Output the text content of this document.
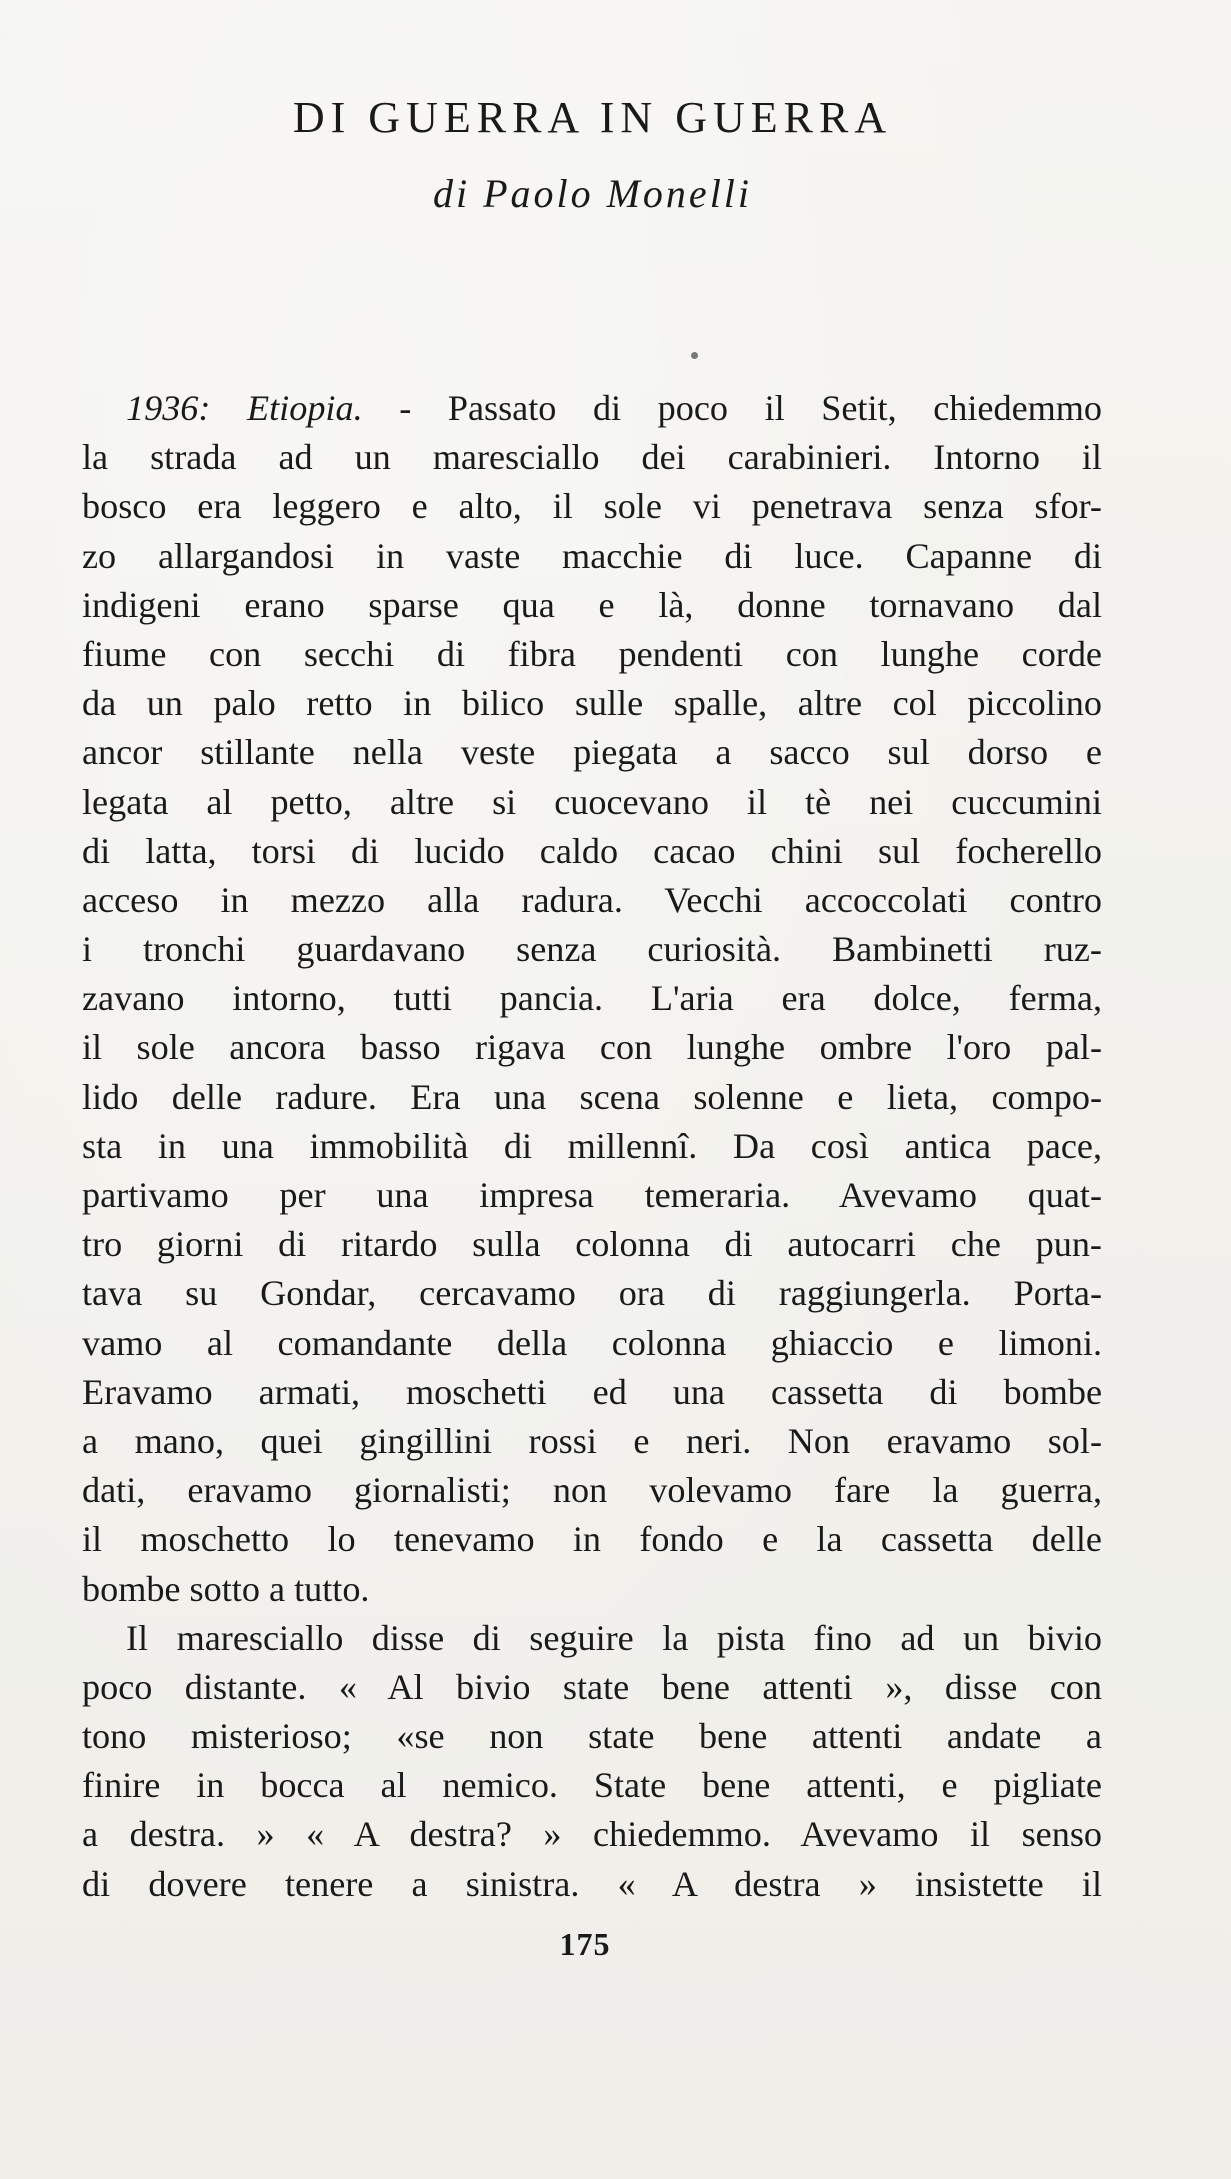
DI GUERRA IN GUERRA
di Paolo Monelli
1936: Etiopia. - Passato di poco il Setit, chiedemmo
la strada ad un maresciallo dei carabinieri. Intorno il
bosco era leggero e alto, il sole vi penetrava senza sfor-
zo allargandosi in vaste macchie di luce. Capanne di
indigeni erano sparse qua e là, donne tornavano dal
fiume con secchi di fibra pendenti con lunghe corde
da un palo retto in bilico sulle spalle, altre col piccolino
ancor stillante nella veste piegata a sacco sul dorso e
legata al petto, altre si cuocevano il tè nei cuccumini
di latta, torsi di lucido caldo cacao chini sul focherello
acceso in mezzo alla radura. Vecchi accoccolati contro
i tronchi guardavano senza curiosità. Bambinetti ruz-
zavano intorno, tutti pancia. L'aria era dolce, ferma,
il sole ancora basso rigava con lunghe ombre l'oro pal-
lido delle radure. Era una scena solenne e lieta, compo-
sta in una immobilità di millennî. Da così antica pace,
partivamo per una impresa temeraria. Avevamo quat-
tro giorni di ritardo sulla colonna di autocarri che pun-
tava su Gondar, cercavamo ora di raggiungerla. Porta-
vamo al comandante della colonna ghiaccio e limoni.
Eravamo armati, moschetti ed una cassetta di bombe
a mano, quei gingillini rossi e neri. Non eravamo sol-
dati, eravamo giornalisti; non volevamo fare la guerra,
il moschetto lo tenevamo in fondo e la cassetta delle
bombe sotto a tutto.
Il maresciallo disse di seguire la pista fino ad un bivio
poco distante. « Al bivio state bene attenti », disse con
tono misterioso; «se non state bene attenti andate a
finire in bocca al nemico. State bene attenti, e pigliate
a destra. » « A destra? » chiedemmo. Avevamo il senso
di dovere tenere a sinistra. « A destra » insistette il
175
